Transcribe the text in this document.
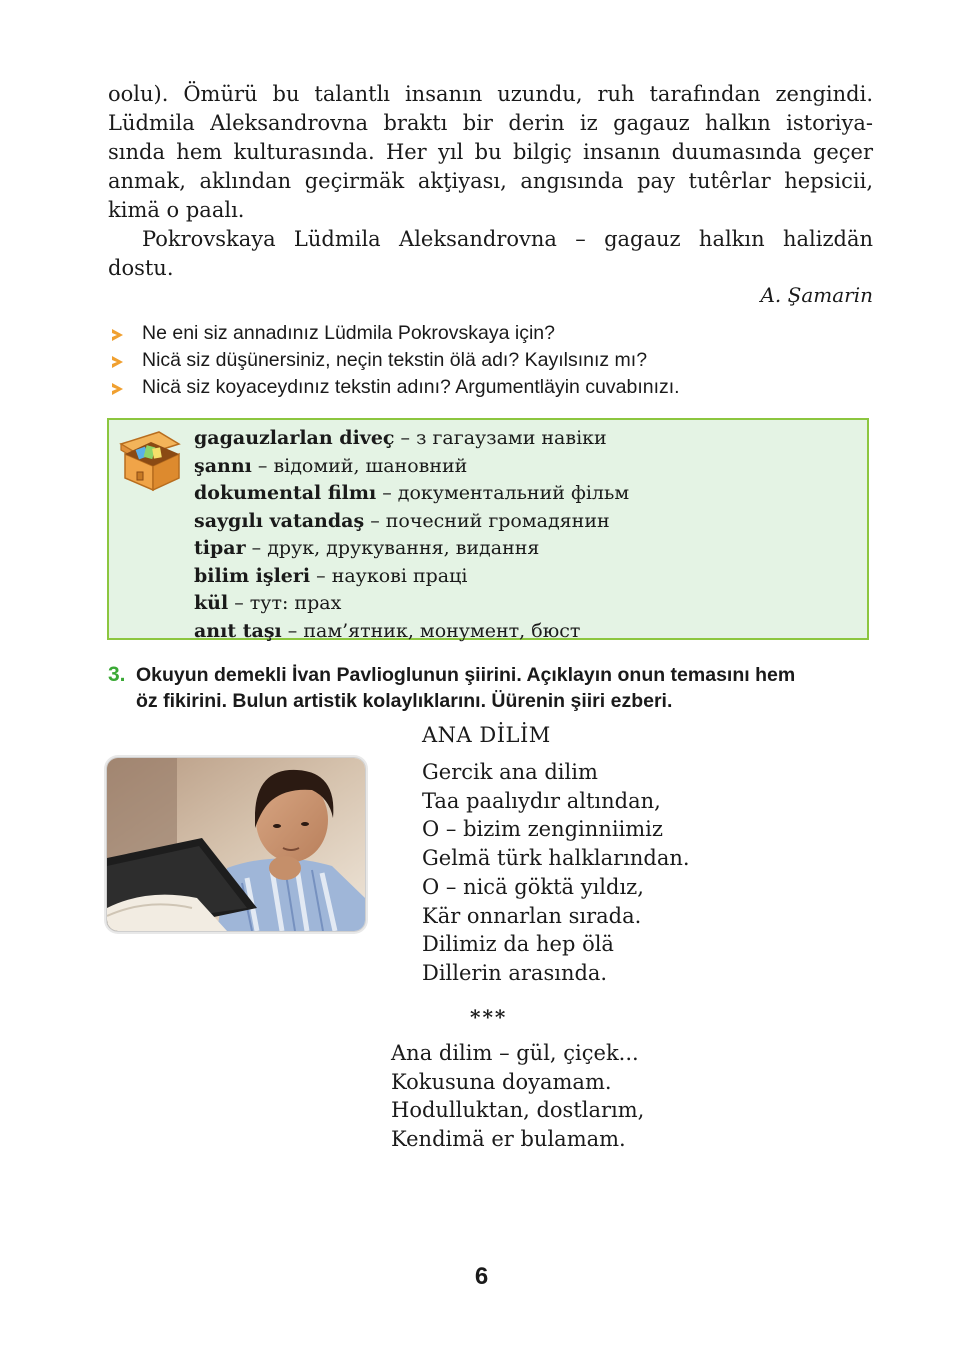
oolu). Ömürü bu talantlı insanın uzundu, ruh tarafından zengindi.
Lüdmila Aleksandrovna braktı bir derin iz gagauz halkın istoriya-
sında hem kulturasında. Her yıl bu bilgiç insanın duumasında geçer
anmak, aklından geçirmäk akţiyası, angısında pay tutêrlar hepsicii,
kimä o paalı.
Pokrovskaya Lüdmila Aleksandrovna – gagauz halkın halizdän
dostu.
A. Şamarin
Ne eni siz annadınız Lüdmila Pokrovskaya için?
Nicä siz düşünersiniz, neçin tekstin ölä adı? Kayılsınız mı?
Nicä siz koyaceydınız tekstin adını? Argumentläyin cuvabınızı.
gagauzlarlan diveç – з гагаузами навіки
şannı – відомий, шановний
dokumental filmı – документальний фільм
saygılı vatandaş – почесний громадянин
tipar – друк, друкування, видання
bilim işleri – наукові праці
kül – тут: прах
anıt taşı – пам’ятник, монумент, бюст
3. Okuyun demekli İvan Pavlioglunun şiirini. Açıklayın onun temasını hem
öz fikirini. Bulun artistik kolaylıklarını. Üürenin şiiri ezberi.
ANA DİLİM
Gercik ana dilim
Taa paalıydır altından,
O – bizim zenginniimiz
Gelmä türk halklarından.
O – nicä göktä yıldız,
Kär onnarlan sırada.
Dilimiz da hep ölä
Dillerin arasında.
***
Ana dilim – gül, çiçek...
Kokusuna doyamam.
Hodulluktan, dostlarım,
Kendimä er bulamam.
6
